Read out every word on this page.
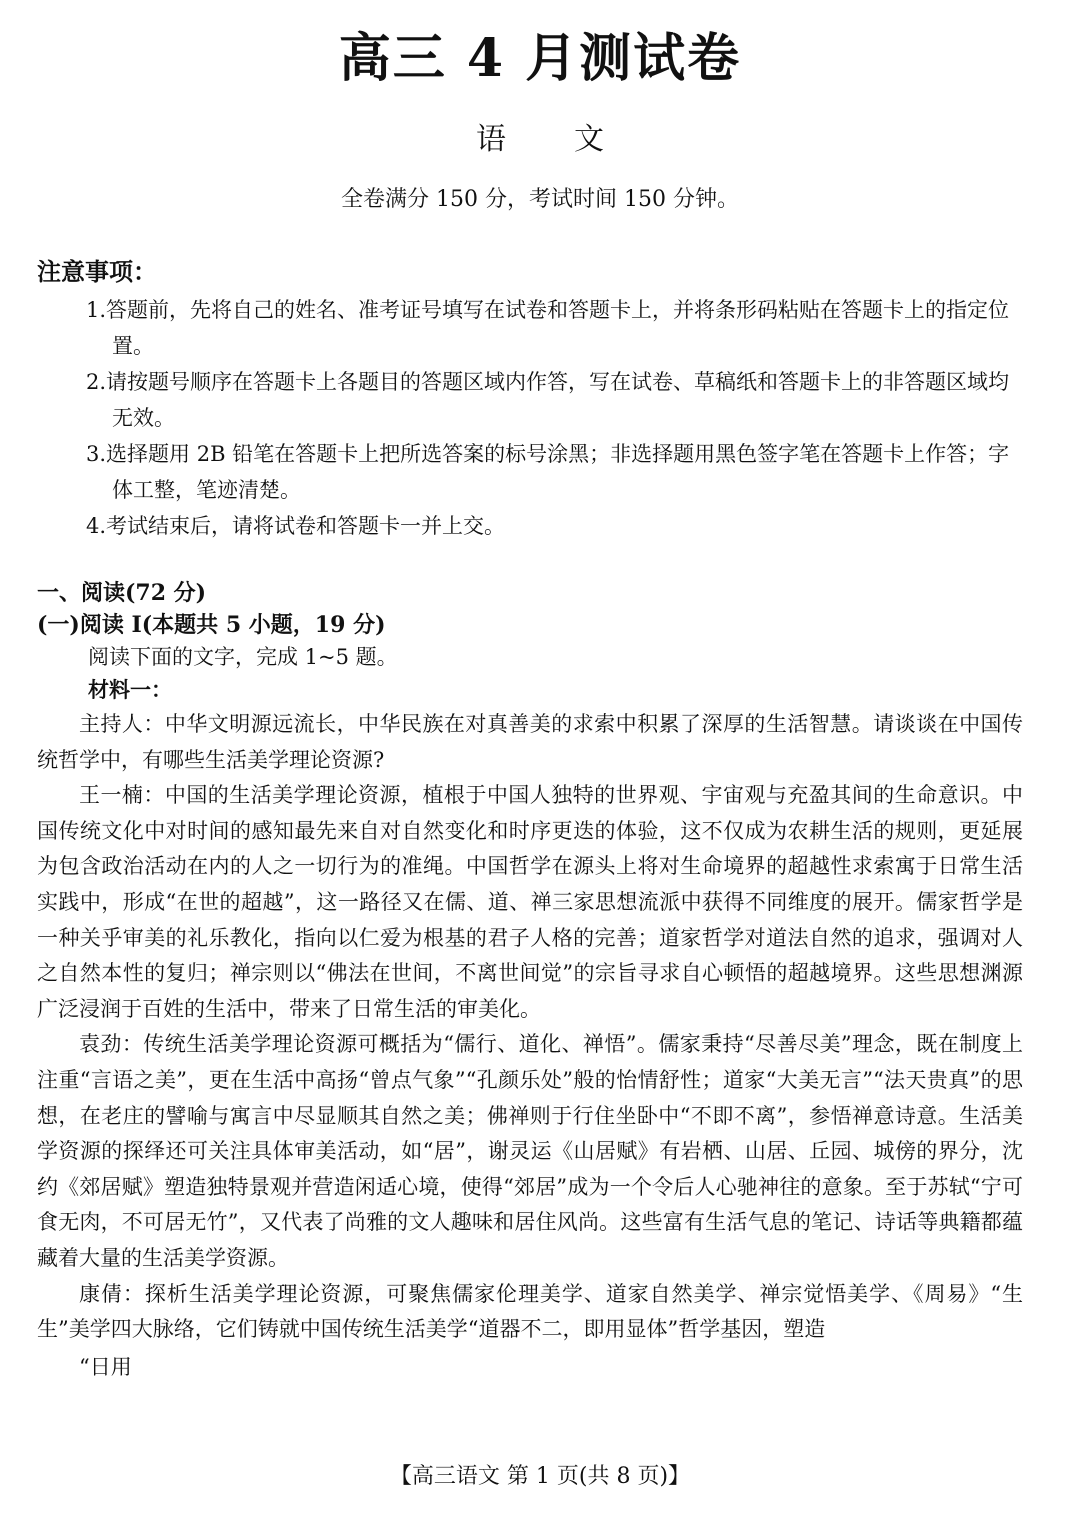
高三 4 月测试卷
语 文
全卷满分 150 分，考试时间 150 分钟。
注意事项：
1.答题前，先将自己的姓名、准考证号填写在试卷和答题卡上，并将条形码粘贴在答题卡上的指定位置。
2.请按题号顺序在答题卡上各题目的答题区域内作答，写在试卷、草稿纸和答题卡上的非答题区域均无效。
3.选择题用 2B 铅笔在答题卡上把所选答案的标号涂黑；非选择题用黑色签字笔在答题卡上作答；字体工整，笔迹清楚。
4.考试结束后，请将试卷和答题卡一并上交。
一、阅读(72 分)
(一)阅读 I(本题共 5 小题，19 分)
阅读下面的文字，完成 1~5 题。
材料一：

主持人：中华文明源远流长，中华民族在对真善美的求索中积累了深厚的生活智慧。请谈谈在中国传统哲学中，有哪些生活美学理论资源?

王一楠：中国的生活美学理论资源，植根于中国人独特的世界观、宇宙观与充盈其间的生命意识。中国传统文化中对时间的感知最先来自对自然变化和时序更迭的体验，这不仅成为农耕生活的规则，更延展为包含政治活动在内的人之一切行为的准绳。中国哲学在源头上将对生命境界的超越性求索寓于日常生活实践中，形成“在世的超越”，这一路径又在儒、道、禅三家思想流派中获得不同维度的展开。儒家哲学是一种关乎审美的礼乐教化，指向以仁爱为根基的君子人格的完善；道家哲学对道法自然的追求，强调对人之自然本性的复归；禅宗则以“佛法在世间，不离世间觉”的宗旨寻求自心顿悟的超越境界。这些思想渊源广泛浸润于百姓的生活中，带来了日常生活的审美化。

袁劲：传统生活美学理论资源可概括为“儒行、道化、禅悟”。儒家秉持“尽善尽美”理念，既在制度上注重“言语之美”，更在生活中高扬“曾点气象”“孔颜乐处”般的怡情舒性；道家“大美无言”“法天贵真”的思想，在老庄的譬喻与寓言中尽显顺其自然之美；佛禅则于行住坐卧中“不即不离”，参悟禅意诗意。生活美学资源的探绎还可关注具体审美活动，如“居”，谢灵运《山居赋》有岩栖、山居、丘园、城傍的界分，沈约《郊居赋》塑造独特景观并营造闲适心境，使得“郊居”成为一个令后人心驰神往的意象。至于苏轼“宁可食无肉，不可居无竹”，又代表了尚雅的文人趣味和居住风尚。这些富有生活气息的笔记、诗话等典籍都蕴藏着大量的生活美学资源。

康倩：探析生活美学理论资源，可聚焦儒家伦理美学、道家自然美学、禅宗觉悟美学、《周易》“生生”美学四大脉络，它们铸就中国传统生活美学“道器不二，即用显体”哲学基因，塑造

“日用

【高三语文 第 1 页(共 8 页)】
